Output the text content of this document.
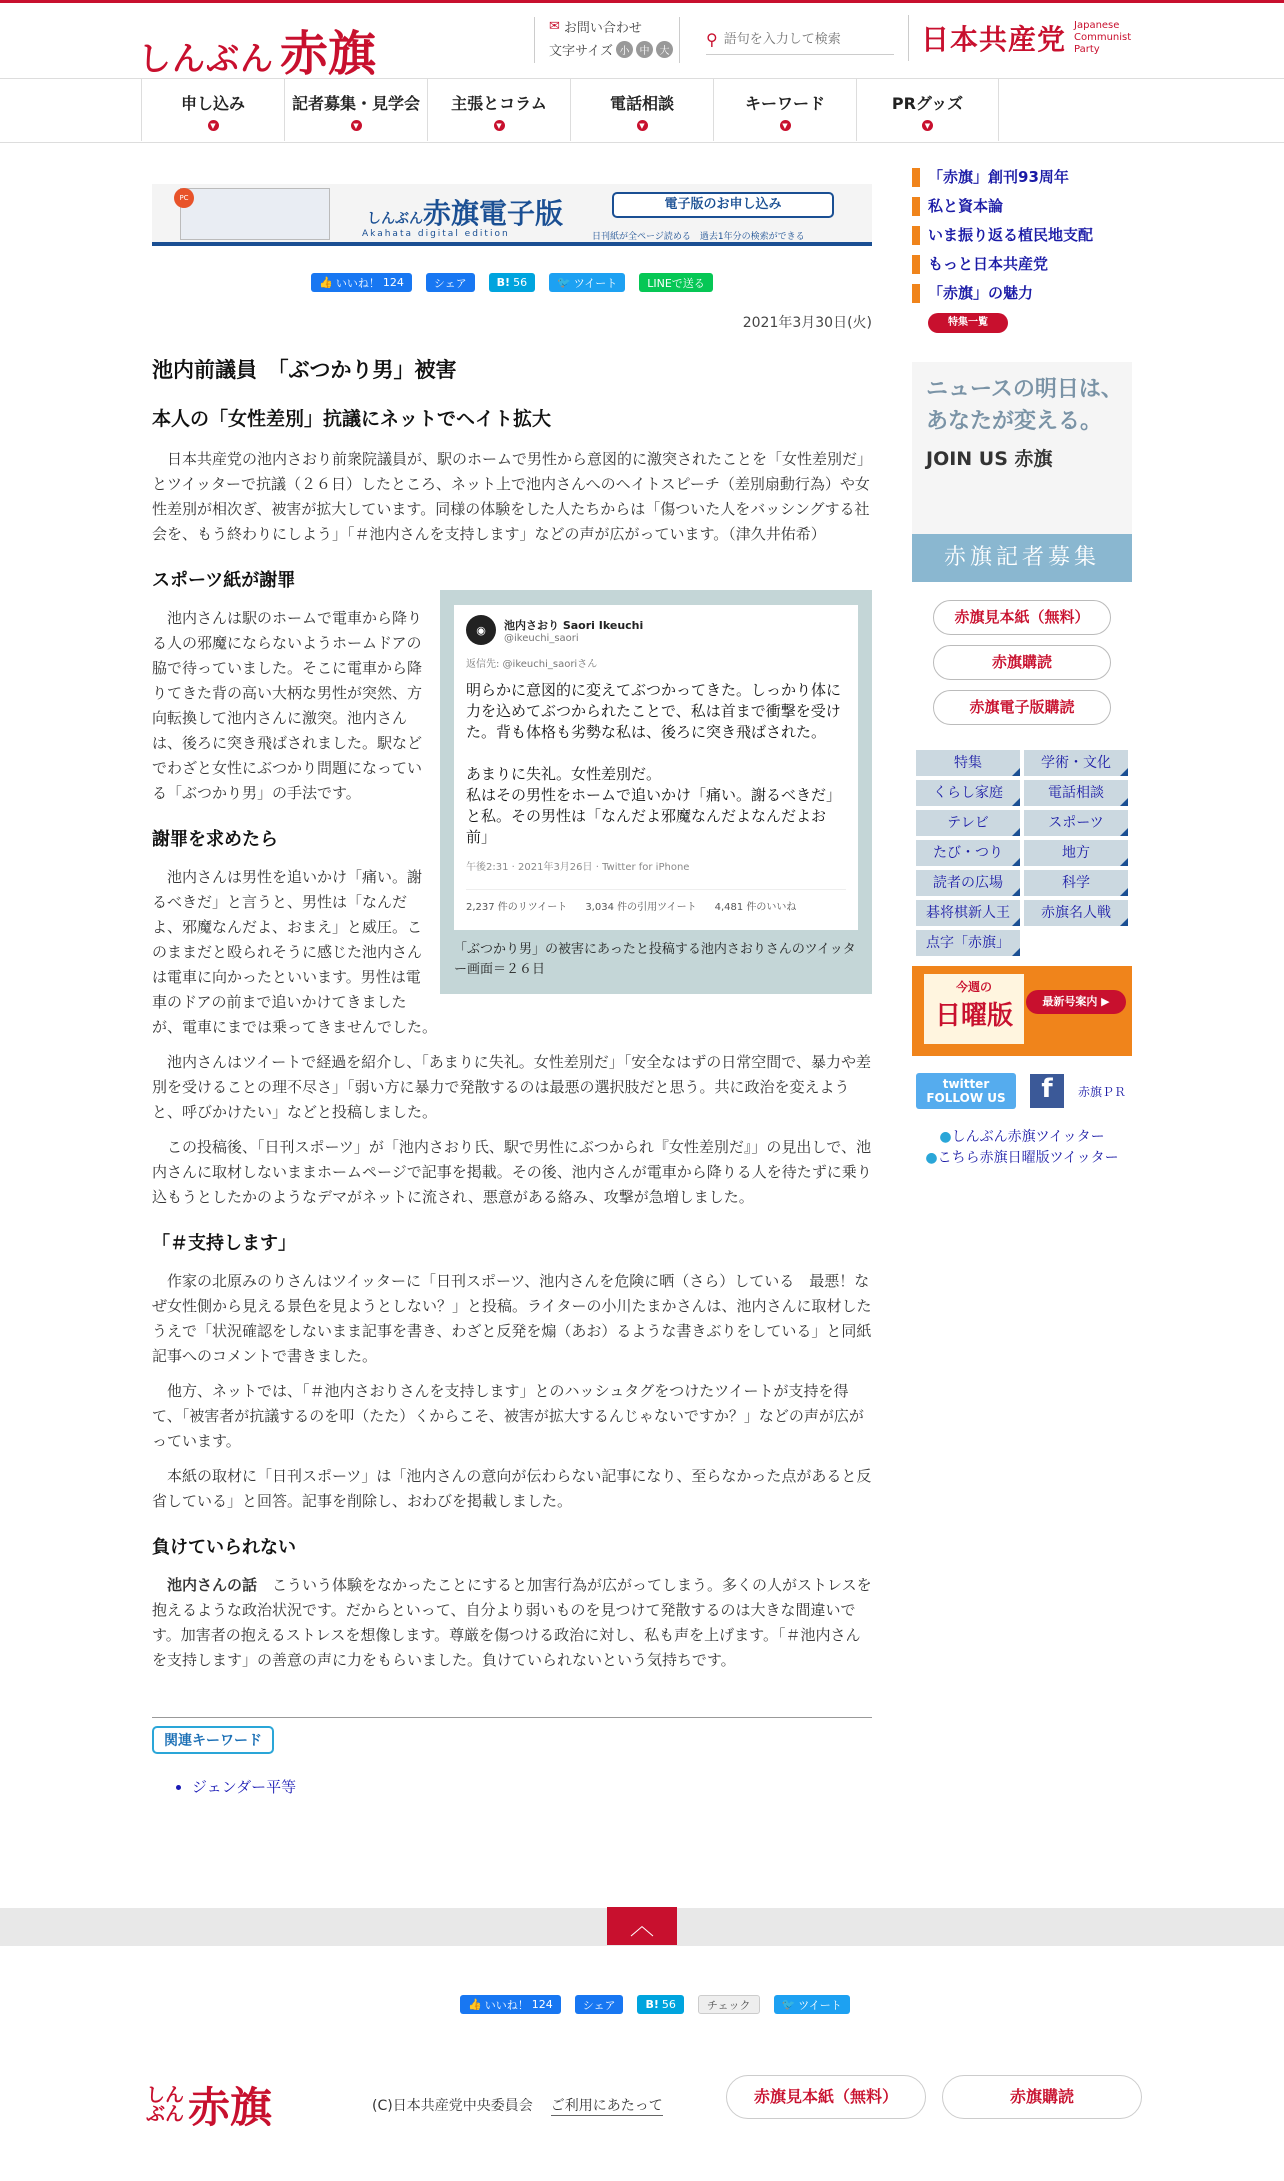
しんぶん 赤旗	✉ お問い合わせ
文字サイズ 小	中	大
⚲
語句を入力して検索	日本共産党 Japanese
Communist
Party
申し込み
▼
記者募集・見学会
▼
主張とコラム
▼
電話相談
▼
キーワード
▼
PRグッズ
▼
PC
しんぶん赤旗電子版	電子版のお申し込み
Akahata digital edition	日刊紙が全ページ読める　 過去1年分の検索ができる
👍 いいね！ 124	シェア	B! 56	🐦 ツイート	LINEで送る
2021年3月30日(火)
池内前議員　「ぶつかり男」被害
本人の「女性差別」抗議にネットでヘイト拡大

日本共産党の池内さおり前衆院議員が、駅のホームで男性から意図的に激突されたことを「女性差別だ」とツイッターで抗議（２６日）したところ、ネット上で池内さんへのヘイトスピーチ（差別扇動行為）や女性差別が相次ぎ、被害が拡大しています。同様の体験をした人たちからは「傷ついた人をバッシングする社会を、もう終わりにしよう」「＃池内さんを支持します」などの声が広がっています。（津久井佑希）

スポーツ紙が謝罪
◉	池内さおり Saori Ikeuchi
@ikeuchi_saori
返信先: @ikeuchi_saoriさん
明らかに意図的に変えてぶつかってきた。しっかり体に力を込めてぶつかられたことで、私は首まで衝撃を受けた。背も体格も劣勢な私は、後ろに突き飛ばされた。

あまりに失礼。女性差別だ。
私はその男性をホームで追いかけ「痛い。謝るべきだ」と私。その男性は「なんだよ邪魔なんだよなんだよお前」
午後2:31 · 2021年3月26日 · Twitter for iPhone
2,237 件のリツイート 3,034 件の引用ツイート 4,481 件のいいね
「ぶつかり男」の被害にあったと投稿する池内さおりさんのツイッター画面＝２６日

池内さんは駅のホームで電車から降りる人の邪魔にならないようホームドアの脇で待っていました。そこに電車から降りてきた背の高い大柄な男性が突然、方向転換して池内さんに激突。池内さんは、後ろに突き飛ばされました。駅などでわざと女性にぶつかり問題になっている「ぶつかり男」の手法です。

謝罪を求めたら

池内さんは男性を追いかけ「痛い。謝るべきだ」と言うと、男性は「なんだよ、邪魔なんだよ、おまえ」と威圧。このままだと殴られそうに感じた池内さんは電車に向かったといいます。男性は電車のドアの前まで追いかけてきましたが、電車にまでは乗ってきませんでした。

池内さんはツイートで経過を紹介し、「あまりに失礼。女性差別だ」「安全なはずの日常空間で、暴力や差別を受けることの理不尽さ」「弱い方に暴力で発散するのは最悪の選択肢だと思う。共に政治を変えようと、呼びかけたい」などと投稿しました。

この投稿後、「日刊スポーツ」が「池内さおり氏、駅で男性にぶつかられ『女性差別だ』」の見出しで、池内さんに取材しないままホームページで記事を掲載。その後、池内さんが電車から降りる人を待たずに乗り込もうとしたかのようなデマがネットに流され、悪意がある絡み、攻撃が急増しました。

「＃支持します」

作家の北原みのりさんはツイッターに「日刊スポーツ、池内さんを危険に晒（さら）している　最悪！なぜ女性側から見える景色を見ようとしない？」と投稿。ライターの小川たまかさんは、池内さんに取材したうえで「状況確認をしないまま記事を書き、わざと反発を煽（あお）るような書きぶりをしている」と同紙記事へのコメントで書きました。

他方、ネットでは、「＃池内さおりさんを支持します」とのハッシュタグをつけたツイートが支持を得て、「被害者が抗議するのを叩（たた）くからこそ、被害が拡大するんじゃないですか？」などの声が広がっています。

本紙の取材に「日刊スポーツ」は「池内さんの意向が伝わらない記事になり、至らなかった点があると反省している」と回答。記事を削除し、おわびを掲載しました。

負けていられない

池内さんの話　こういう体験をなかったことにすると加害行為が広がってしまう。多くの人がストレスを抱えるような政治状況です。だからといって、自分より弱いものを見つけて発散するのは大きな間違いです。加害者の抱えるストレスを想像します。尊厳を傷つける政治に対し、私も声を上げます。「＃池内さんを支持します」の善意の声に力をもらいました。負けていられないという気持ちです。

関連キーワード
• ジェンダー平等
「赤旗」創刊93周年
私と資本論
いま振り返る植民地支配
もっと日本共産党
「赤旗」の魅力
特集一覧
ニュースの明日は、
あなたが変える。
JOIN US 赤旗
赤旗記者募集
赤旗見本紙（無料）
赤旗購読
赤旗電子版購読
特集	学術・文化
くらし家庭	電話相談
テレビ	スポーツ
たび・つり	地方
読者の広場	科学
碁将棋新人王	赤旗名人戦
点字「赤旗」
今週の
日曜版	最新号案内 ▶
twitter FOLLOW US	f	赤旗ＰＲ
● しんぶん赤旗ツイッター
● こちら赤旗日曜版ツイッター
︿
👍 いいね！ 124	シェア	B! 56	チェック	🐦 ツイート
しん
ぶん 赤旗	(C)日本共産党中央委員会 ご利用にあたって	赤旗見本紙（無料）	赤旗購読
